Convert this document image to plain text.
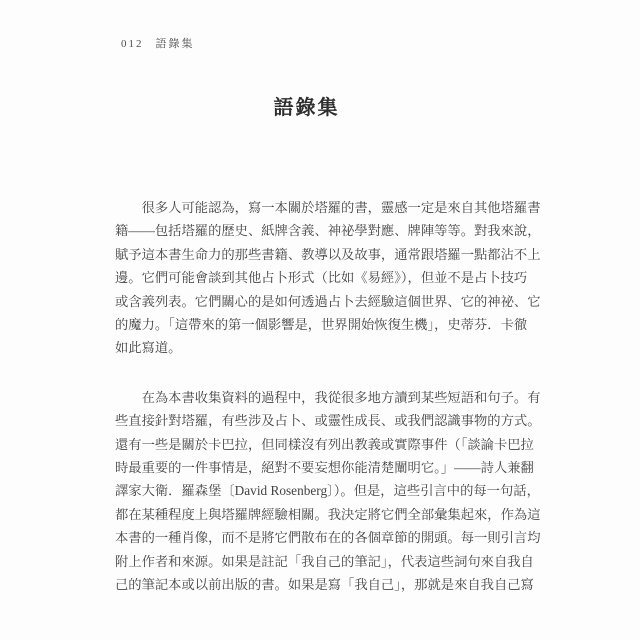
012 語錄集
語錄集
很多人可能認為，寫一本關於塔羅的書，靈感一定是來自其他塔羅書
籍——包括塔羅的歷史、紙牌含義、神祕學對應、牌陣等等。對我來說，
賦予這本書生命力的那些書籍、教導以及故事，通常跟塔羅一點都沾不上
邊。它們可能會談到其他占卜形式（比如《易經》），但並不是占卜技巧
或含義列表。它們關心的是如何透過占卜去經驗這個世界、它的神祕、它
的魔力。「這帶來的第一個影響是，世界開始恢復生機」，史蒂芬．卡徹
如此寫道。
在為本書收集資料的過程中，我從很多地方讀到某些短語和句子。有
些直接針對塔羅，有些涉及占卜、或靈性成長、或我們認識事物的方式。
還有一些是關於卡巴拉，但同樣沒有列出教義或實際事件（「談論卡巴拉
時最重要的一件事情是，絕對不要妄想你能清楚闡明它。」——詩人兼翻
譯家大衛．羅森堡〔David Rosenberg〕）。但是，這些引言中的每一句話，
都在某種程度上與塔羅牌經驗相關。我決定將它們全部彙集起來，作為這
本書的一種肖像，而不是將它們散布在的各個章節的開頭。每一則引言均
附上作者和來源。如果是註記「我自己的筆記」，代表這些詞句來自我自
己的筆記本或以前出版的書。如果是寫「我自己」，那就是來自我自己寫
